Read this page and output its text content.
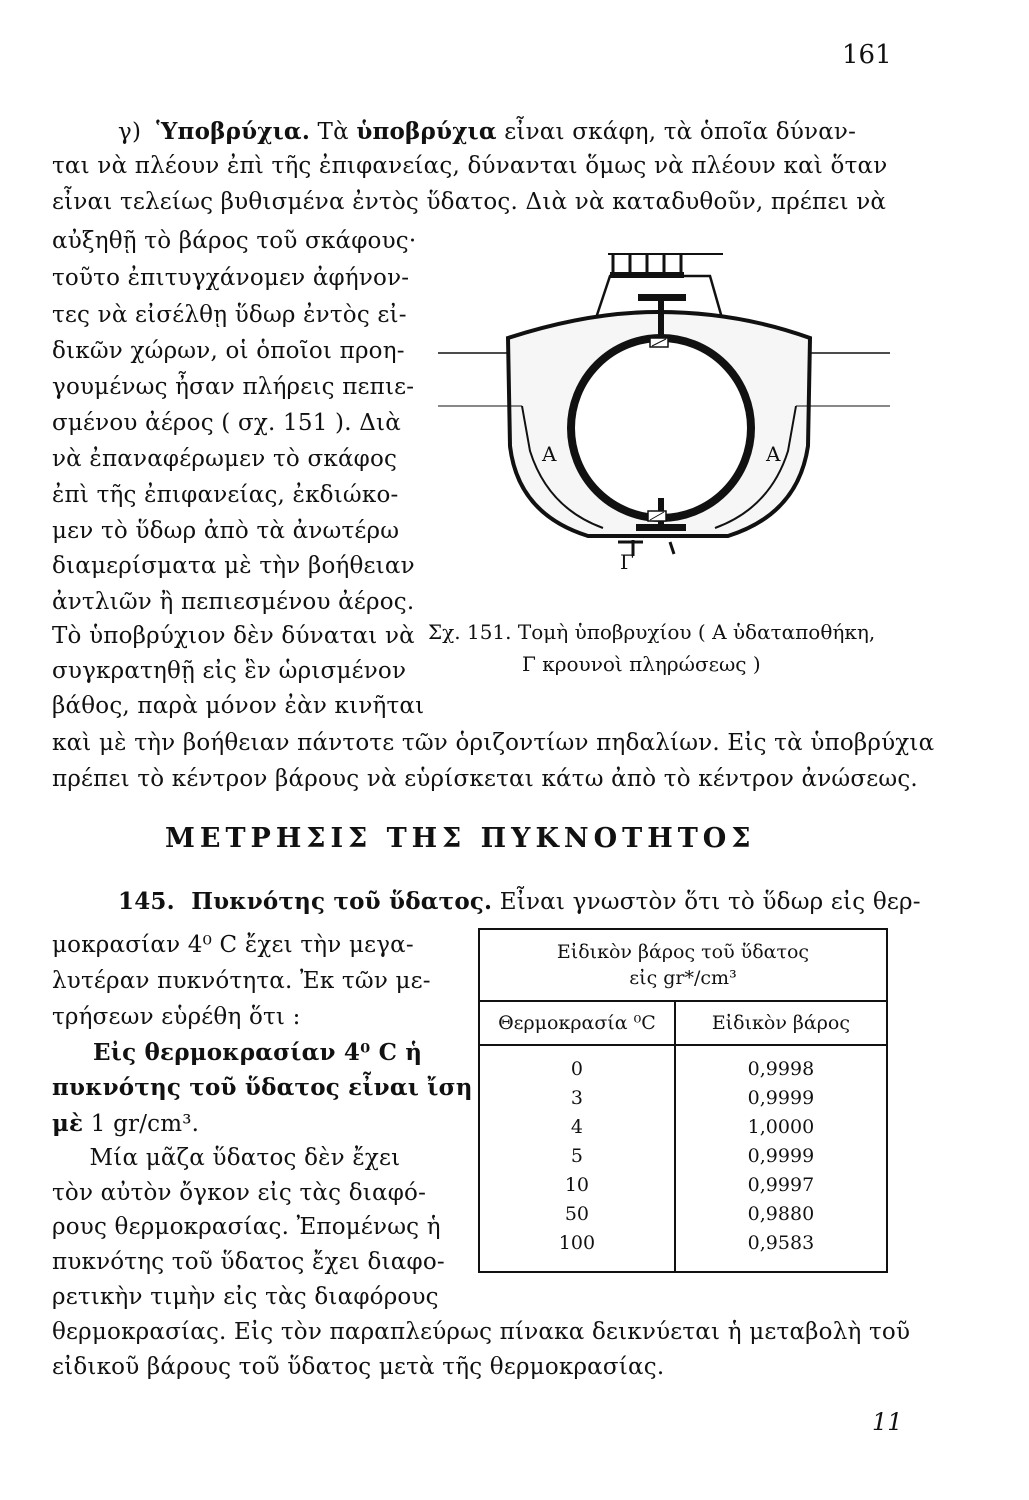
161
γ)  Ὑποβρύχια. Τὰ ὑποβρύχια εἶναι σκάφη, τὰ ὁποῖα δύναν-
ται νὰ πλέουν ἐπὶ τῆς ἐπιφανείας, δύνανται ὅμως νὰ πλέουν καὶ ὅταν
εἶναι τελείως βυθισμένα ἐντὸς ὕδατος. Διὰ νὰ καταδυθοῦν, πρέπει νὰ
αὐξηθῇ τὸ βάρος τοῦ σκάφους·
τοῦτο ἐπιτυγχάνομεν ἀφήνον-
τες νὰ εἰσέλθῃ ὕδωρ ἐντὸς εἰ-
δικῶν χώρων, οἱ ὁποῖοι προη-
γουμένως ἦσαν πλήρεις πεπιε-
σμένου ἀέρος ( σχ. 151 ). Διὰ
νὰ ἐπαναφέρωμεν τὸ σκάφος
ἐπὶ τῆς ἐπιφανείας, ἐκδιώκο-
μεν τὸ ὕδωρ ἀπὸ τὰ ἀνωτέρω
διαμερίσματα μὲ τὴν βοήθειαν
ἀντλιῶν ἢ πεπιεσμένου ἀέρος.
Τὸ ὑποβρύχιον δὲν δύναται νὰ
συγκρατηθῇ εἰς ἓν ὡρισμένον
βάθος, παρὰ μόνον ἐὰν κινῆται
καὶ μὲ τὴν βοήθειαν πάντοτε τῶν ὁριζοντίων πηδαλίων. Εἰς τὰ ὑποβρύχια
πρέπει τὸ κέντρον βάρους νὰ εὑρίσκεται κάτω ἀπὸ τὸ κέντρον ἀνώσεως.
A	A
Γ
Σχ. 151. Τομὴ ὑποβρυχίου ( Α ὑδαταποθήκη,
Γ κρουνοὶ πληρώσεως )
ΜΕΤΡΗΣΙΣ ΤΗΣ ΠΥΚΝΟΤΗΤΟΣ
145.  Πυκνότης τοῦ ὕδατος. Εἶναι γνωστὸν ὅτι τὸ ὕδωρ εἰς θερ-
μοκρασίαν 4⁰ C ἔχει τὴν μεγα-
λυτέραν πυκνότητα. Ἐκ τῶν με-
τρήσεων εὑρέθη ὅτι :
Εἰς θερμοκρασίαν 4⁰ C ἡ
πυκνότης τοῦ ὕδατος εἶναι ἴση
μὲ 1 gr/cm³.
Μία μᾶζα ὕδατος δὲν ἔχει
τὸν αὐτὸν ὄγκον εἰς τὰς διαφό-
ρους θερμοκρασίας. Ἐπομένως ἡ
πυκνότης τοῦ ὕδατος ἔχει διαφο-
ρετικὴν τιμὴν εἰς τὰς διαφόρους
θερμοκρασίας. Εἰς τὸν παραπλεύρως πίνακα δεικνύεται ἡ μεταβολὴ τοῦ
εἰδικοῦ βάρους τοῦ ὕδατος μετὰ τῆς θερμοκρασίας.
Εἰδικὸν βάρος τοῦ ὕδατος
εἰς gr*/cm³	

Θερμοκρασία ⁰C	Εἰδικὸν βάρος
0	0,9998
3	0,9999
4	1,0000
5	0,9999
10	0,9997
50	0,9880
100	0,9583
11
